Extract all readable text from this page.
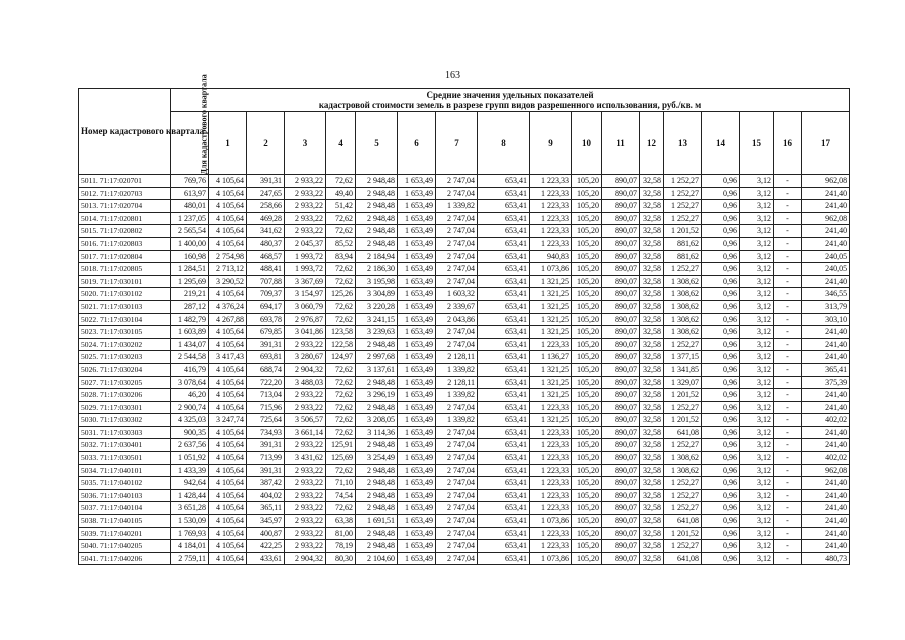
163
Номер кадастрового квартала	Средние значения удельных показателей
кадастровой стоимости земель в разрезе групп видов разрешенного использования, руб./кв. м																	

	Для кадастрового квартала	1	2	3	4	5	6	7	8	9	10	11	12	13	14	15	16	17
5011. 71:17:020701	769,76	4 105,64	391,31	2 933,22	72,62	2 948,48	1 653,49	2 747,04	653,41	1 223,33	105,20	890,07	32,58	1 252,27	0,96	3,12	-	962,08
5012. 71:17:020703	613,97	4 105,64	247,65	2 933,22	49,40	2 948,48	1 653,49	2 747,04	653,41	1 223,33	105,20	890,07	32,58	1 252,27	0,96	3,12	-	241,40
5013. 71:17:020704	480,01	4 105,64	258,66	2 933,22	51,42	2 948,48	1 653,49	1 339,82	653,41	1 223,33	105,20	890,07	32,58	1 252,27	0,96	3,12	-	241,40
5014. 71:17:020801	1 237,05	4 105,64	469,28	2 933,22	72,62	2 948,48	1 653,49	2 747,04	653,41	1 223,33	105,20	890,07	32,58	1 252,27	0,96	3,12	-	962,08
5015. 71:17:020802	2 565,54	4 105,64	341,62	2 933,22	72,62	2 948,48	1 653,49	2 747,04	653,41	1 223,33	105,20	890,07	32,58	1 201,52	0,96	3,12	-	241,40
5016. 71:17:020803	1 400,00	4 105,64	480,37	2 045,37	85,52	2 948,48	1 653,49	2 747,04	653,41	1 223,33	105,20	890,07	32,58	881,62	0,96	3,12	-	241,40
5017. 71:17:020804	160,98	2 754,98	468,57	1 993,72	83,94	2 184,94	1 653,49	2 747,04	653,41	940,83	105,20	890,07	32,58	881,62	0,96	3,12	-	240,05
5018. 71:17:020805	1 284,51	2 713,12	488,41	1 993,72	72,62	2 186,30	1 653,49	2 747,04	653,41	1 073,86	105,20	890,07	32,58	1 252,27	0,96	3,12	-	240,05
5019. 71:17:030101	1 295,69	3 290,52	707,88	3 367,69	72,62	3 195,98	1 653,49	2 747,04	653,41	1 321,25	105,20	890,07	32,58	1 308,62	0,96	3,12	-	241,40
5020. 71:17:030102	219,21	4 105,64	709,37	3 154,97	125,26	3 304,89	1 653,49	1 603,32	653,41	1 321,25	105,20	890,07	32,58	1 308,62	0,96	3,12	-	346,55
5021. 71:17:030103	287,12	4 376,24	694,17	3 060,79	72,62	3 220,28	1 653,49	2 339,67	653,41	1 321,25	105,20	890,07	32,58	1 308,62	0,96	3,12	-	313,79
5022. 71:17:030104	1 482,79	4 267,88	693,78	2 976,87	72,62	3 241,15	1 653,49	2 043,86	653,41	1 321,25	105,20	890,07	32,58	1 308,62	0,96	3,12	-	303,10
5023. 71:17:030105	1 603,89	4 105,64	679,85	3 041,86	123,58	3 239,63	1 653,49	2 747,04	653,41	1 321,25	105,20	890,07	32,58	1 308,62	0,96	3,12	-	241,40
5024. 71:17:030202	1 434,07	4 105,64	391,31	2 933,22	122,58	2 948,48	1 653,49	2 747,04	653,41	1 223,33	105,20	890,07	32,58	1 252,27	0,96	3,12	-	241,40
5025. 71:17:030203	2 544,58	3 417,43	693,81	3 280,67	124,97	2 997,68	1 653,49	2 128,11	653,41	1 136,27	105,20	890,07	32,58	1 377,15	0,96	3,12	-	241,40
5026. 71:17:030204	416,79	4 105,64	688,74	2 904,32	72,62	3 137,61	1 653,49	1 339,82	653,41	1 321,25	105,20	890,07	32,58	1 341,85	0,96	3,12	-	365,41
5027. 71:17:030205	3 078,64	4 105,64	722,20	3 488,03	72,62	2 948,48	1 653,49	2 128,11	653,41	1 321,25	105,20	890,07	32,58	1 329,07	0,96	3,12	-	375,39
5028. 71:17:030206	46,20	4 105,64	713,04	2 933,22	72,62	3 296,19	1 653,49	1 339,82	653,41	1 321,25	105,20	890,07	32,58	1 201,52	0,96	3,12	-	241,40
5029. 71:17:030301	2 900,74	4 105,64	715,96	2 933,22	72,62	2 948,48	1 653,49	2 747,04	653,41	1 223,33	105,20	890,07	32,58	1 252,27	0,96	3,12	-	241,40
5030. 71:17:030302	4 325,03	3 247,74	725,64	3 506,57	72,62	3 208,05	1 653,49	1 339,82	653,41	1 321,25	105,20	890,07	32,58	1 201,52	0,96	3,12	-	402,02
5031. 71:17:030303	900,35	4 105,64	734,93	3 661,14	72,62	3 114,36	1 653,49	2 747,04	653,41	1 223,33	105,20	890,07	32,58	641,08	0,96	3,12	-	241,40
5032. 71:17:030401	2 637,56	4 105,64	391,31	2 933,22	125,91	2 948,48	1 653,49	2 747,04	653,41	1 223,33	105,20	890,07	32,58	1 252,27	0,96	3,12	-	241,40
5033. 71:17:030501	1 051,92	4 105,64	713,99	3 431,62	125,69	3 254,49	1 653,49	2 747,04	653,41	1 223,33	105,20	890,07	32,58	1 308,62	0,96	3,12	-	402,02
5034. 71:17:040101	1 433,39	4 105,64	391,31	2 933,22	72,62	2 948,48	1 653,49	2 747,04	653,41	1 223,33	105,20	890,07	32,58	1 308,62	0,96	3,12	-	962,08
5035. 71:17:040102	942,64	4 105,64	387,42	2 933,22	71,10	2 948,48	1 653,49	2 747,04	653,41	1 223,33	105,20	890,07	32,58	1 252,27	0,96	3,12	-	241,40
5036. 71:17:040103	1 428,44	4 105,64	404,02	2 933,22	74,54	2 948,48	1 653,49	2 747,04	653,41	1 223,33	105,20	890,07	32,58	1 252,27	0,96	3,12	-	241,40
5037. 71:17:040104	3 651,28	4 105,64	365,11	2 933,22	72,62	2 948,48	1 653,49	2 747,04	653,41	1 223,33	105,20	890,07	32,58	1 252,27	0,96	3,12	-	241,40
5038. 71:17:040105	1 530,09	4 105,64	345,97	2 933,22	63,38	1 691,51	1 653,49	2 747,04	653,41	1 073,86	105,20	890,07	32,58	641,08	0,96	3,12	-	241,40
5039. 71:17:040201	1 769,93	4 105,64	400,87	2 933,22	81,00	2 948,48	1 653,49	2 747,04	653,41	1 223,33	105,20	890,07	32,58	1 201,52	0,96	3,12	-	241,40
5040. 71:17:040205	4 184,01	4 105,64	422,25	2 933,22	78,19	2 948,48	1 653,49	2 747,04	653,41	1 223,33	105,20	890,07	32,58	1 252,27	0,96	3,12	-	241,40
5041. 71:17:040206	2 759,11	4 105,64	433,61	2 904,32	80,30	2 104,60	1 653,49	2 747,04	653,41	1 073,86	105,20	890,07	32,58	641,08	0,96	3,12	-	480,73
